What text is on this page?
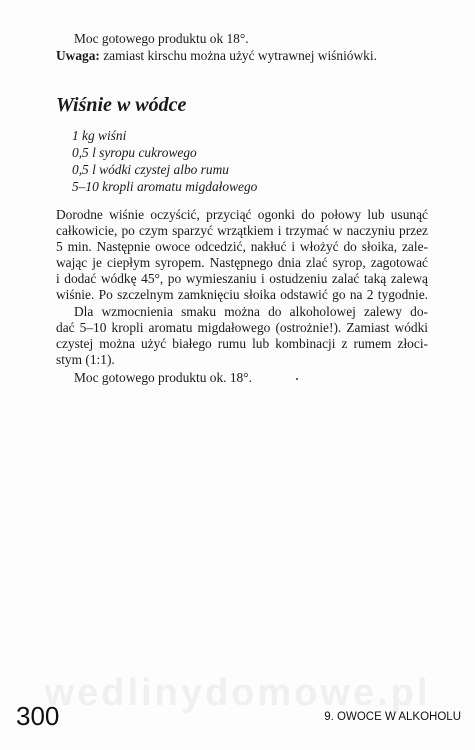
wedlinydomowe.pl
Moc gotowego produktu ok 18°.
Uwaga: zamiast kirschu można użyć wytrawnej wiśniówki.
Wiśnie w wódce
1 kg wiśni
0,5 l syropu cukrowego
0,5 l wódki czystej albo rumu
5–10 kropli aromatu migdałowego
Dorodne wiśnie oczyścić, przyciąć ogonki do połowy lub usunąć
całkowicie, po czym sparzyć wrzątkiem i trzymać w naczyniu przez
5 min. Następnie owoce odcedzić, nakłuć i włożyć do słoika, zale-
wając je ciepłym syropem. Następnego dnia zlać syrop, zagotować
i dodać wódkę 45°, po wymieszaniu i ostudzeniu zalać taką zalewą
wiśnie. Po szczelnym zamknięciu słoika odstawić go na 2 tygodnie.
Dla wzmocnienia smaku można do alkoholowej zalewy do-
dać 5–10 kropli aromatu migdałowego (ostrożnie!). Zamiast wódki
czystej można użyć białego rumu lub kombinacji z rumem złoci-
stym (1:1).
Moc gotowego produktu ok. 18°.
300	9. OWOCE W ALKOHOLU
